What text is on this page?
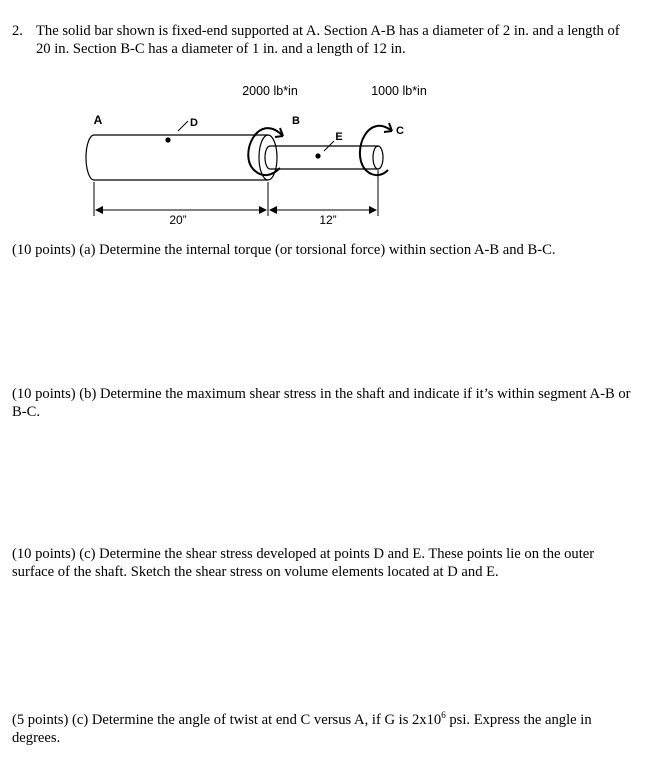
2. The solid bar shown is fixed-end supported at A. Section A-B has a diameter of 2 in. and a length of 20 in. Section B-C has a diameter of 1 in. and a length of 12 in.
2000 lb*in	1000 lb*in
A	B
C
D
E
20”	12”
(10 points) (a) Determine the internal torque (or torsional force) within section A-B and B-C.
(10 points) (b) Determine the maximum shear stress in the shaft and indicate if it’s within segment A-B or B-C.
(10 points) (c) Determine the shear stress developed at points D and E. These points lie on the outer surface of the shaft. Sketch the shear stress on volume elements located at D and E.
(5 points) (c) Determine the angle of twist at end C versus A, if G is $2x10^6$ psi. Express the angle in degrees.
